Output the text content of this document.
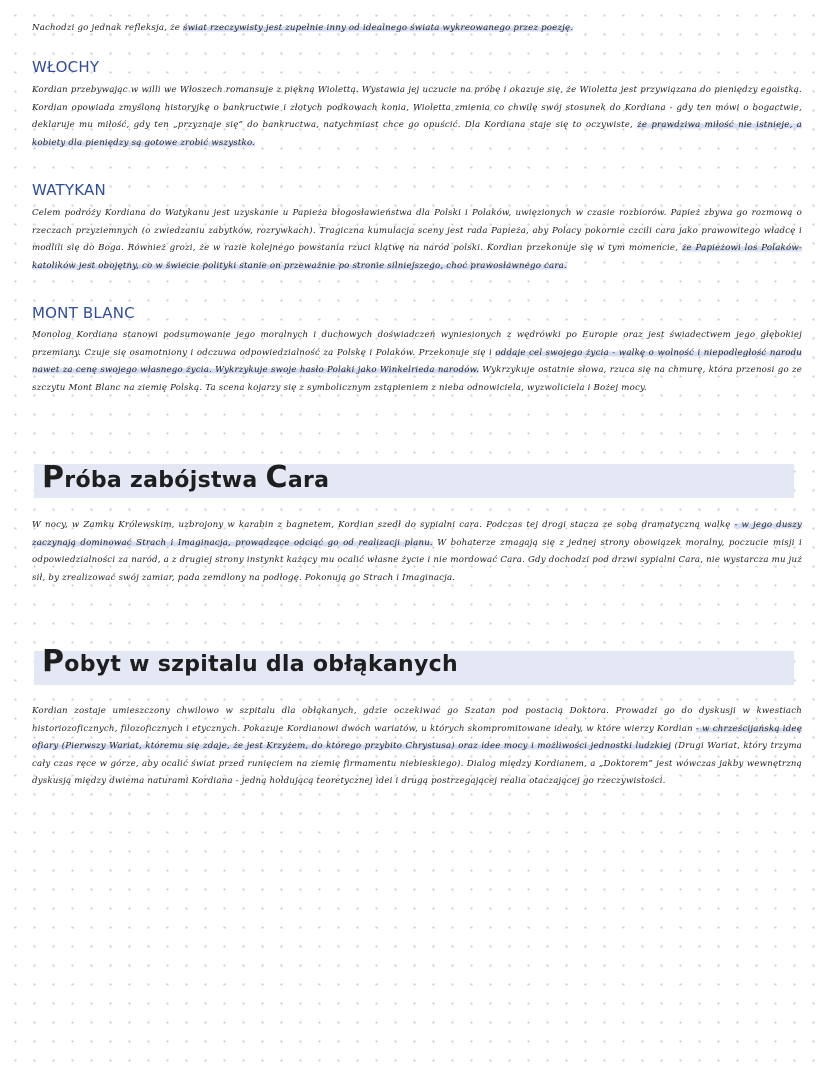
Nachodzi go jednak refleksja, że świat rzeczywisty jest zupełnie inny od idealnego świata wykreowanego przez poezję.

WŁOCHY

Kordian przebywając w willi we Włoszech romansuje z piękną Wiolettą. Wystawia jej uczucie na próbę i okazuje się, że Wioletta jest przywiązana do pieniędzy egoistką. Kordian opowiada zmyśloną historyjkę o bankructwie i złotych podkowach konia, Wioletta zmienia co chwilę swój stosunek do Kordiana - gdy ten mówi o bogactwie, deklaruje mu miłość, gdy ten „przyznaje się” do bankructwa, natychmiast chce go opuścić. Dla Kordiana staje się to oczywiste, że prawdziwa miłość nie istnieje, a kobiety dla pieniędzy są gotowe zrobić wszystko.

WATYKAN

Celem podróży Kordiana do Watykanu jest uzyskanie u Papieża błogosławieństwa dla Polski i Polaków, uwięzionych w czasie rozbiorów. Papież zbywa go rozmową o rzeczach przyziemnych (o zwiedzaniu zabytków, rozrywkach). Tragiczna kumulacja sceny jest rada Papieża, aby Polacy pokornie czcili cara jako prawowitego władcę i modlili się do Boga. Również grozi, że w razie kolejnego powstania rzuci klątwę na naród polski. Kordian przekonuje się w tym momencie, że Papieżowi los Polaków-katolików jest obojętny, co w świecie polityki stanie on przeważnie po stronie silniejszego, choć prawosławnego cara.

MONT BLANC

Monolog Kordiana stanowi podsumowanie jego moralnych i duchowych doświadczeń wyniesionych z wędrówki po Europie oraz jest świadectwem jego głębokiej przemiany. Czuje się osamotniony i odczuwa odpowiedzialność za Polskę i Polaków. Przekonuje się i oddaje cel swojego życia - walkę o wolność i niepodległość narodu nawet za cenę swojego własnego życia. Wykrzykuje swoje hasło Polaki jako Winkelrieda narodów. Wykrzykuje ostatnie słowa, rzuca się na chmurę, która przenosi go ze szczytu Mont Blanc na ziemię Polską. Ta scena kojarzy się z symbolicznym zstąpieniem z nieba odnowiciela, wyzwoliciela i Bożej mocy.

Próba zabójstwa Cara

W nocy, w Zamku Królewskim, uzbrojony w karabin z bagnetem, Kordian szedł do sypialni cara. Podczas tej drogi stacza ze sobą dramatyczną walkę - w jego duszy zaczynają dominować Strach i Imaginacja, prowadzące odciąć go od realizacji planu. W bohaterze zmagają się z jednej strony obowiązek moralny, poczucie misji i odpowiedzialności za naród, a z drugiej strony instynkt każący mu ocalić własne życie i nie mordować Cara. Gdy dochodzi pod drzwi sypialni Cara, nie wystarcza mu już sił, by zrealizować swój zamiar, pada zemdlony na podłogę. Pokonują go Strach i Imaginacja.

Pobyt w szpitalu dla obłąkanych

Kordian zostaje umieszczony chwilowo w szpitalu dla obłąkanych, gdzie oczekiwać go Szatan pod postacią Doktora. Prowadzi go do dyskusji w kwestiach historiozoficznych, filozoficznych i etycznych. Pokazuje Kordianowi dwóch wariatów, u których skompromitowane ideały, w które wierzy Kordian - w chrześcijańską ideę ofiary (Pierwszy Wariat, któremu się zdaje, że jest Krzyżem, do którego przybito Chrystusa) oraz idee mocy i możliwości jednostki ludzkiej (Drugi Wariat, który trzyma cały czas ręce w górze, aby ocalić świat przed runięciem na ziemię firmamentu niebieskiego). Dialog między Kordianem, a „Doktorem” jest wówczas jakby wewnętrzną dyskusją między dwiema naturami Kordiana - jedną hołdującą teoretycznej idei i drugą postrzegającej realia otaczającej go rzeczywistości.
